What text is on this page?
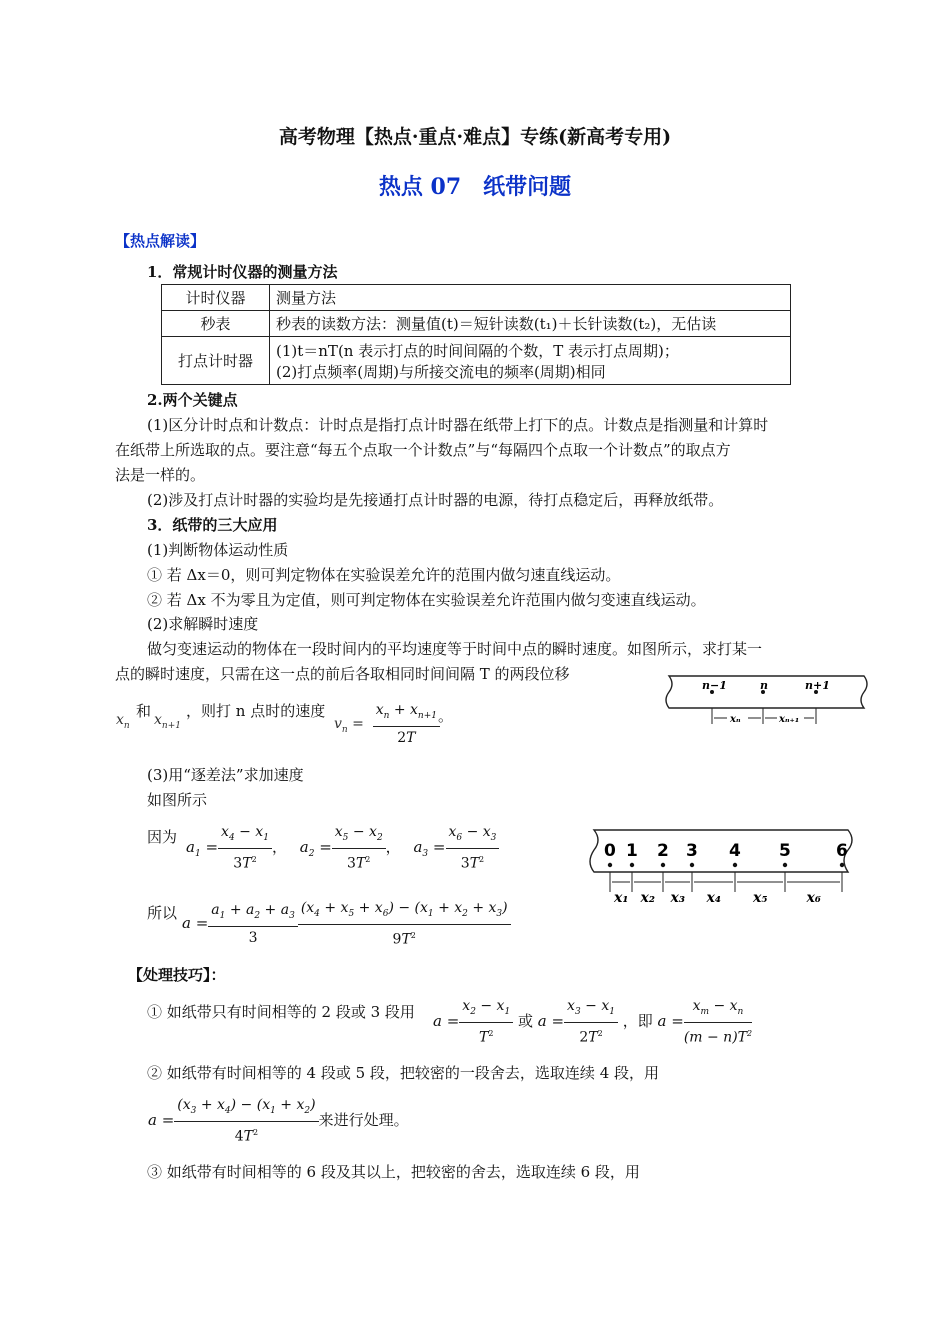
高考物理【热点·重点·难点】专练(新高考专用)
热点 07　纸带问题
【热点解读】
1．常规计时仪器的测量方法
计时仪器	测量方法
秒表	秒表的读数方法：测量值(t)＝短针读数(t₁)＋长针读数(t₂)，无估读
打点计时器	(1)t＝nT(n 表示打点的时间间隔的个数，T 表示打点周期)；
(2)打点频率(周期)与所接交流电的频率(周期)相同
2.两个关键点
(1)区分计时点和计数点：计时点是指打点计时器在纸带上打下的点。计数点是指测量和计算时
在纸带上所选取的点。要注意“每五个点取一个计数点”与“每隔四个点取一个计数点”的取点方
法是一样的。
(2)涉及打点计时器的实验均是先接通打点计时器的电源，待打点稳定后，再释放纸带。
3．纸带的三大应用
(1)判断物体运动性质
① 若 Δx＝0，则可判定物体在实验误差允许的范围内做匀速直线运动。
② 若 Δx 不为零且为定值，则可判定物体在实验误差允许范围内做匀变速直线运动。
(2)求解瞬时速度
做匀变速运动的物体在一段时间内的平均速度等于时间中点的瞬时速度。如图所示，求打某一
点的瞬时速度，只需在这一点的前后各取相同时间间隔 T 的两段位移
n−1	n	n+1
xₙ	xₙ₊₁
$x_n$
和 $x_{n+1}$
，则打 n 点时的速度
$v_n = \frac{x_n + x_{n+1}}{2T}$
。
(3)用“逐差法”求加速度
如图所示
因为
$a_1 = \frac{x_4 - x_1}{3T^2}$ ， $a_2 = \frac{x_5 - x_2}{3T^2}$ ， $a_3 = \frac{x_6 - x_3}{3T^2}$	0 1 2 3 4 5	6
x₁ x₂ x₃ x₄ x₅	x₆
所以
$a = \frac{a_1 + a_2 + a_3}{3} \frac{(x_4 + x_5 + x_6) - (x_1 + x_2 + x_3)}{9T^2}$
【处理技巧】：
① 如纸带只有时间相等的 2 段或 3 段用
$a = \frac{x_2 - x_1}{T^2}$ 或 $a = \frac{x_3 - x_1}{2T^2}$ ，即 $a = \frac{x_m - x_n}{(m - n)T^2}$
② 如纸带有时间相等的 4 段或 5 段，把较密的一段舍去，选取连续 4 段，用
$a = \frac{(x_3 + x_4) - (x_1 + x_2)}{4T^2}$ 来进行处理。
③ 如纸带有时间相等的 6 段及其以上，把较密的舍去，选取连续 6 段，用
